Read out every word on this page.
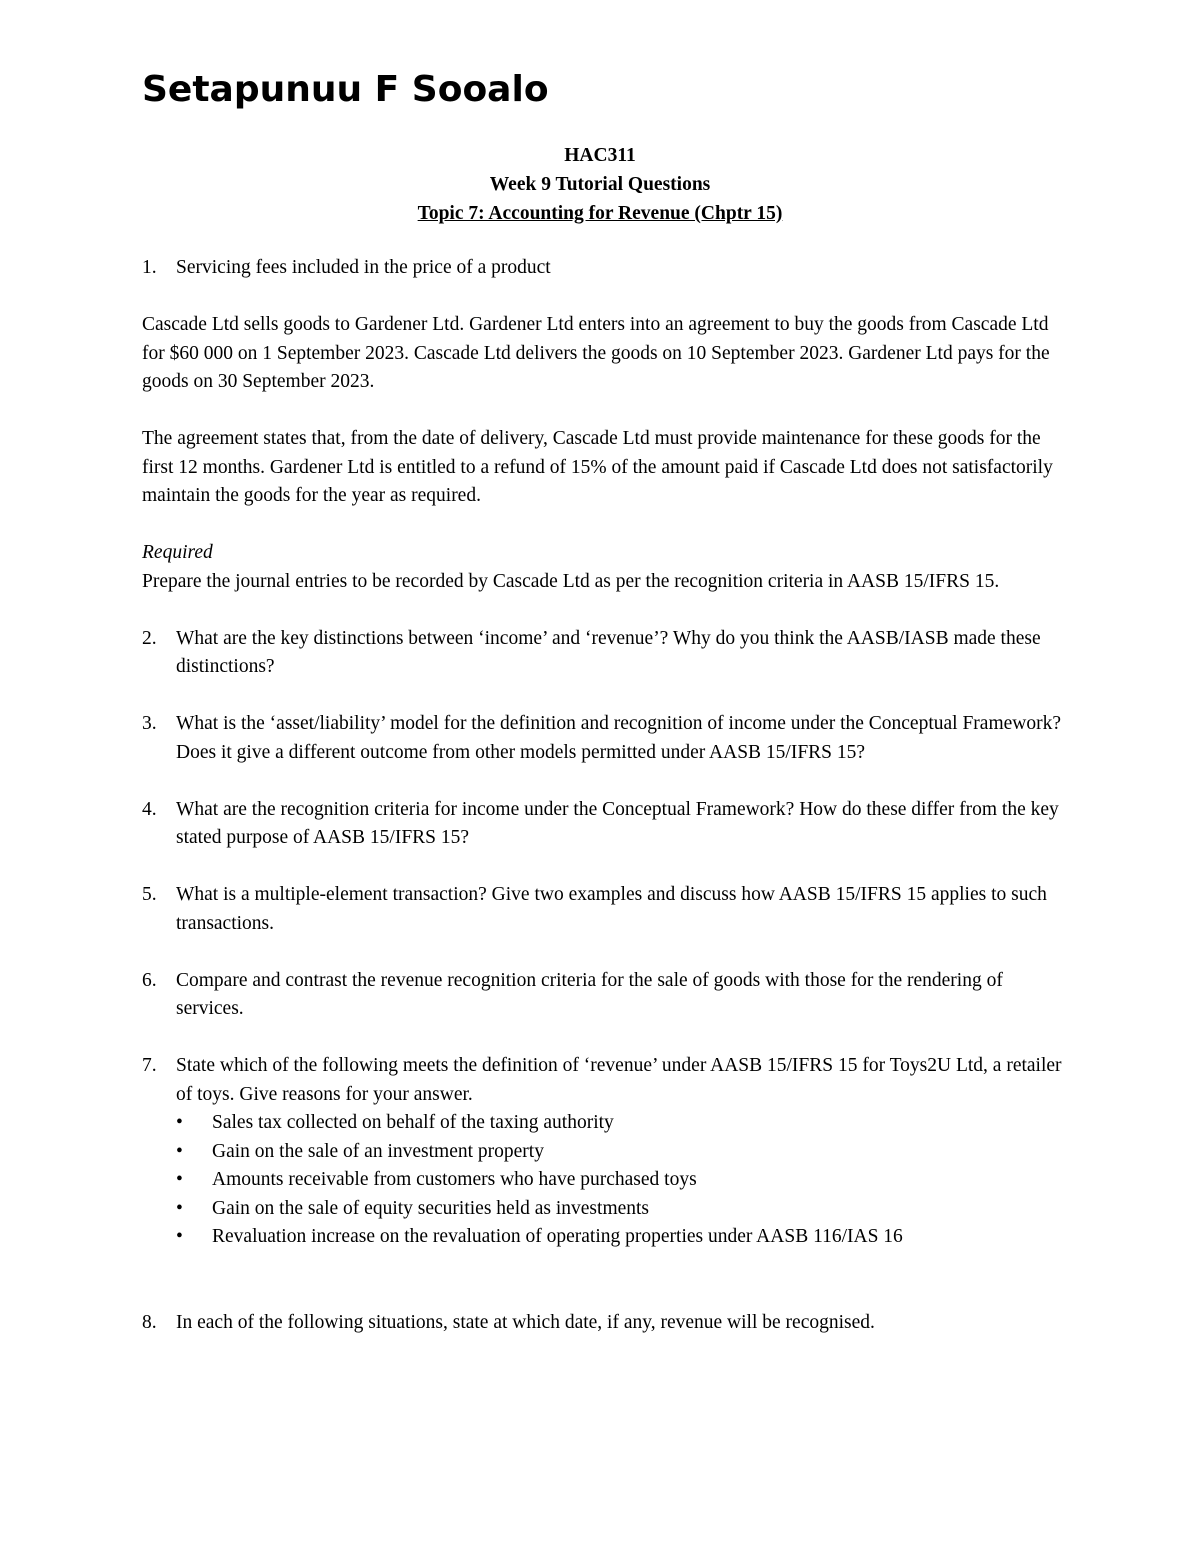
Setapunuu F Sooalo
HAC311
Week 9 Tutorial Questions
Topic 7: Accounting for Revenue (Chptr 15)
1. Servicing fees included in the price of a product

Cascade Ltd sells goods to Gardener Ltd. Gardener Ltd enters into an agreement to buy the goods from Cascade Ltd for $60 000 on 1 September 2023. Cascade Ltd delivers the goods on 10 September 2023. Gardener Ltd pays for the goods on 30 September 2023.

The agreement states that, from the date of delivery, Cascade Ltd must provide maintenance for these goods for the first 12 months. Gardener Ltd is entitled to a refund of 15% of the amount paid if Cascade Ltd does not satisfactorily maintain the goods for the year as required.

Required

Prepare the journal entries to be recorded by Cascade Ltd as per the recognition criteria in AASB 15/IFRS 15.

2. What are the key distinctions between ‘income’ and ‘revenue’? Why do you think the AASB/IASB made these distinctions?

3. What is the ‘asset/liability’ model for the definition and recognition of income under the Conceptual Framework? Does it give a different outcome from other models permitted under AASB 15/IFRS 15?

4. What are the recognition criteria for income under the Conceptual Framework? How do these differ from the key stated purpose of AASB 15/IFRS 15?

5. What is a multiple-element transaction? Give two examples and discuss how AASB 15/IFRS 15 applies to such transactions.

6. Compare and contrast the revenue recognition criteria for the sale of goods with those for the rendering of services.

7. State which of the following meets the definition of ‘revenue’ under AASB 15/IFRS 15 for Toys2U Ltd, a retailer of toys. Give reasons for your answer.

• Sales tax collected on behalf of the taxing authority
• Gain on the sale of an investment property
• Amounts receivable from customers who have purchased toys
• Gain on the sale of equity securities held as investments
• Revaluation increase on the revaluation of operating properties under AASB 116/IAS 16
8. In each of the following situations, state at which date, if any, revenue will be recognised.
